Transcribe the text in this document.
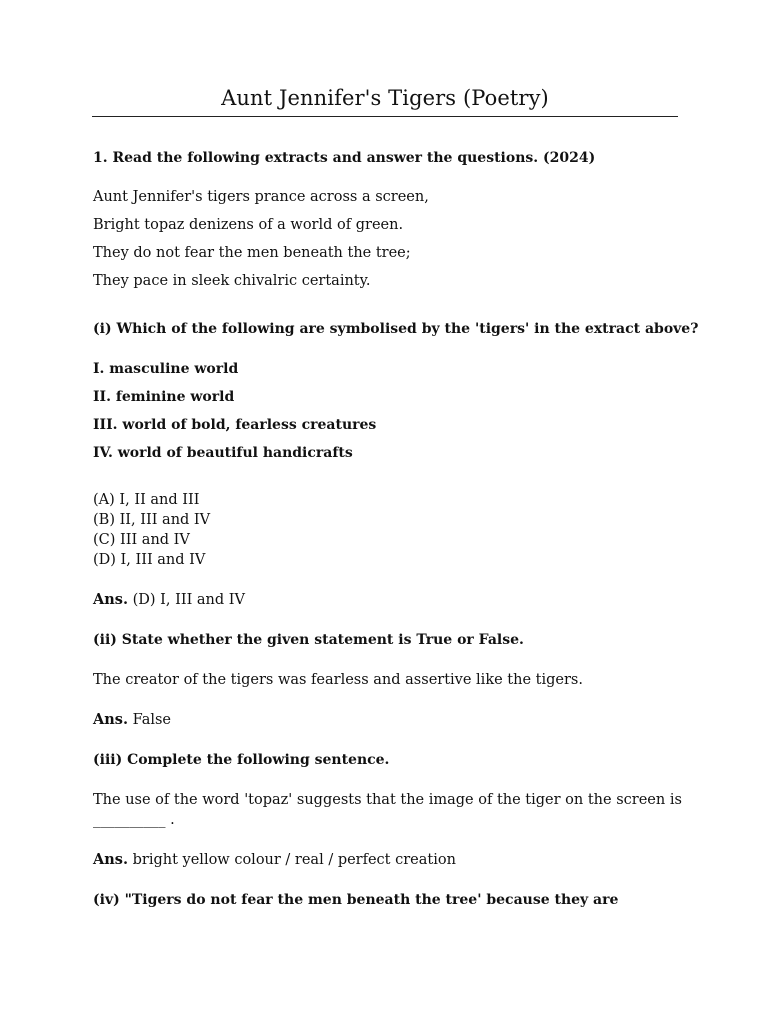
Aunt Jennifer's Tigers (Poetry)
1. Read the following extracts and answer the questions. (2024)
Aunt Jennifer's tigers prance across a screen,
Bright topaz denizens of a world of green.
They do not fear the men beneath the tree;
They pace in sleek chivalric certainty.
(i) Which of the following are symbolised by the 'tigers' in the extract above?
I. masculine world
II. feminine world
III. world of bold, fearless creatures
IV. world of beautiful handicrafts
(A) I, II and III
(B) II, III and IV
(C) III and IV
(D) I, III and IV
Ans. (D) I, III and IV
(ii) State whether the given statement is True or False.
The creator of the tigers was fearless and assertive like the tigers.
Ans. False
(iii) Complete the following sentence.
The use of the word 'topaz' suggests that the image of the tiger on the screen is
__________ .
Ans. bright yellow colour / real / perfect creation
(iv) "Tigers do not fear the men beneath the tree' because they are
